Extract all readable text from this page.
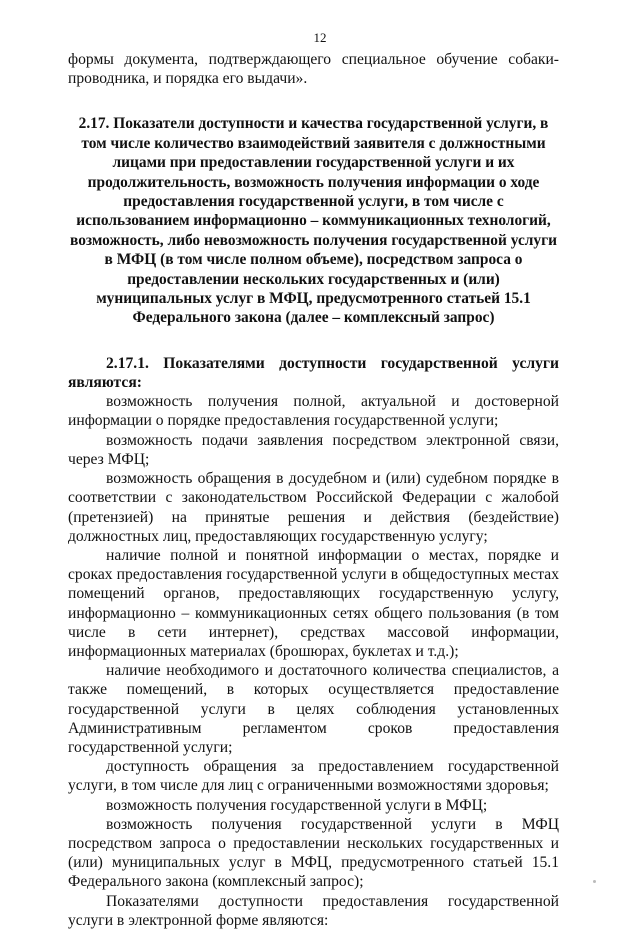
12

формы документа, подтверждающего специальное обучение собаки-проводника, и порядка его выдачи».

2.17. Показатели доступности и качества государственной услуги, в том числе количество взаимодействий заявителя с должностными лицами при предоставлении государственной услуги и их продолжительность, возможность получения информации о ходе предоставления государственной услуги, в том числе с использованием информационно – коммуникационных технологий, возможность, либо невозможность получения государственной услуги в МФЦ (в том числе полном объеме), посредством запроса о предоставлении нескольких государственных и (или) муниципальных услуг в МФЦ, предусмотренного статьей 15.1 Федерального закона (далее – комплексный запрос)

2.17.1. Показателями доступности государственной услуги являются:

возможность получения полной, актуальной и достоверной информации о порядке предоставления государственной услуги;

возможность подачи заявления посредством электронной связи, через МФЦ;

возможность обращения в досудебном и (или) судебном порядке в соответствии с законодательством Российской Федерации с жалобой (претензией) на принятые решения и действия (бездействие) должностных лиц, предоставляющих государственную услугу;

наличие полной и понятной информации о местах, порядке и сроках предоставления государственной услуги в общедоступных местах помещений органов, предоставляющих государственную услугу, информационно – коммуникационных сетях общего пользования (в том числе в сети интернет), средствах массовой информации, информационных материалах (брошюрах, буклетах и т.д.);

наличие необходимого и достаточного количества специалистов, а также помещений, в которых осуществляется предоставление государственной услуги в целях соблюдения установленных Административным регламентом сроков предоставления государственной услуги;

доступность обращения за предоставлением государственной услуги, в том числе для лиц с ограниченными возможностями здоровья;

возможность получения государственной услуги в МФЦ;

возможность получения государственной услуги в МФЦ посредством запроса о предоставлении нескольких государственных и (или) муниципальных услуг в МФЦ, предусмотренного статьей 15.1 Федерального закона (комплексный запрос);

Показателями доступности предоставления государственной услуги в электронной форме являются:
